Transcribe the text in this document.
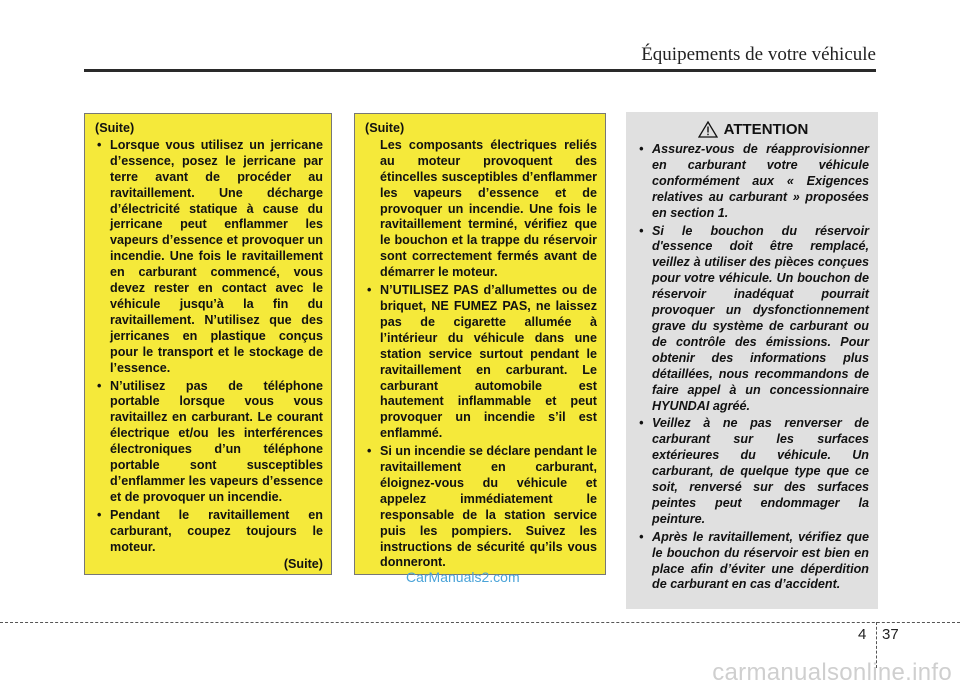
Équipements de votre véhicule
(Suite)
• Lorsque vous utilisez un jerricane d’essence, posez le jerricane par terre avant de procéder au ravitaillement. Une décharge d’électricité statique à cause du jerricane peut enflammer les vapeurs d’essence et provoquer un incendie. Une fois le ravitaillement en carburant commencé, vous devez rester en contact avec le véhicule jusqu’à la fin du ravitaillement. N’utilisez que des jerricanes en plastique conçus pour le transport et le stockage de l’essence.
• N’utilisez pas de téléphone portable lorsque vous vous ravitaillez en carburant. Le courant électrique et/ou les interférences électroniques d’un téléphone portable sont susceptibles d’enflammer les vapeurs d’essence et de provoquer un incendie.
• Pendant le ravitaillement en carburant, coupez toujours le moteur.
(Suite)
(Suite)
Les composants électriques reliés au moteur provoquent des étincelles susceptibles d’enflammer les vapeurs d’essence et de provoquer un incendie. Une fois le ravitaillement terminé, vérifiez que le bouchon et la trappe du réservoir sont correctement fermés avant de démarrer le moteur.
• N’UTILISEZ PAS d’allumettes ou de briquet, NE FUMEZ PAS, ne laissez pas de cigarette allumée à l’intérieur du véhicule dans une station service surtout pendant le ravitaillement en carburant. Le carburant automobile est hautement inflammable et peut provoquer un incendie s’il est enflammé.
• Si un incendie se déclare pendant le ravitaillement en carburant, éloignez-vous du véhicule et appelez immédiatement le responsable de la station service puis les pompiers. Suivez les instructions de sécurité qu’ils vous donneront.
ATTENTION
• Assurez-vous de réapprovisionner en carburant votre véhicule conformément aux « Exigences relatives au carburant » proposées en section 1.
• Si le bouchon du réservoir d'essence doit être remplacé, veillez à utiliser des pièces conçues pour votre véhicule. Un bouchon de réservoir inadéquat pourrait provoquer un dysfonctionnement grave du système de carburant ou de contrôle des émissions. Pour obtenir des informations plus détaillées, nous recommandons de faire appel à un concessionnaire HYUNDAI agréé.
• Veillez à ne pas renverser de carburant sur les surfaces extérieures du véhicule. Un carburant, de quelque type que ce soit, renversé sur des surfaces peintes peut endommager la peinture.
• Après le ravitaillement, vérifiez que le bouchon du réservoir est bien en place afin d’éviter une déperdition de carburant en cas d’accident.
CarManuals2.com
4 37
carmanualsonline.info
